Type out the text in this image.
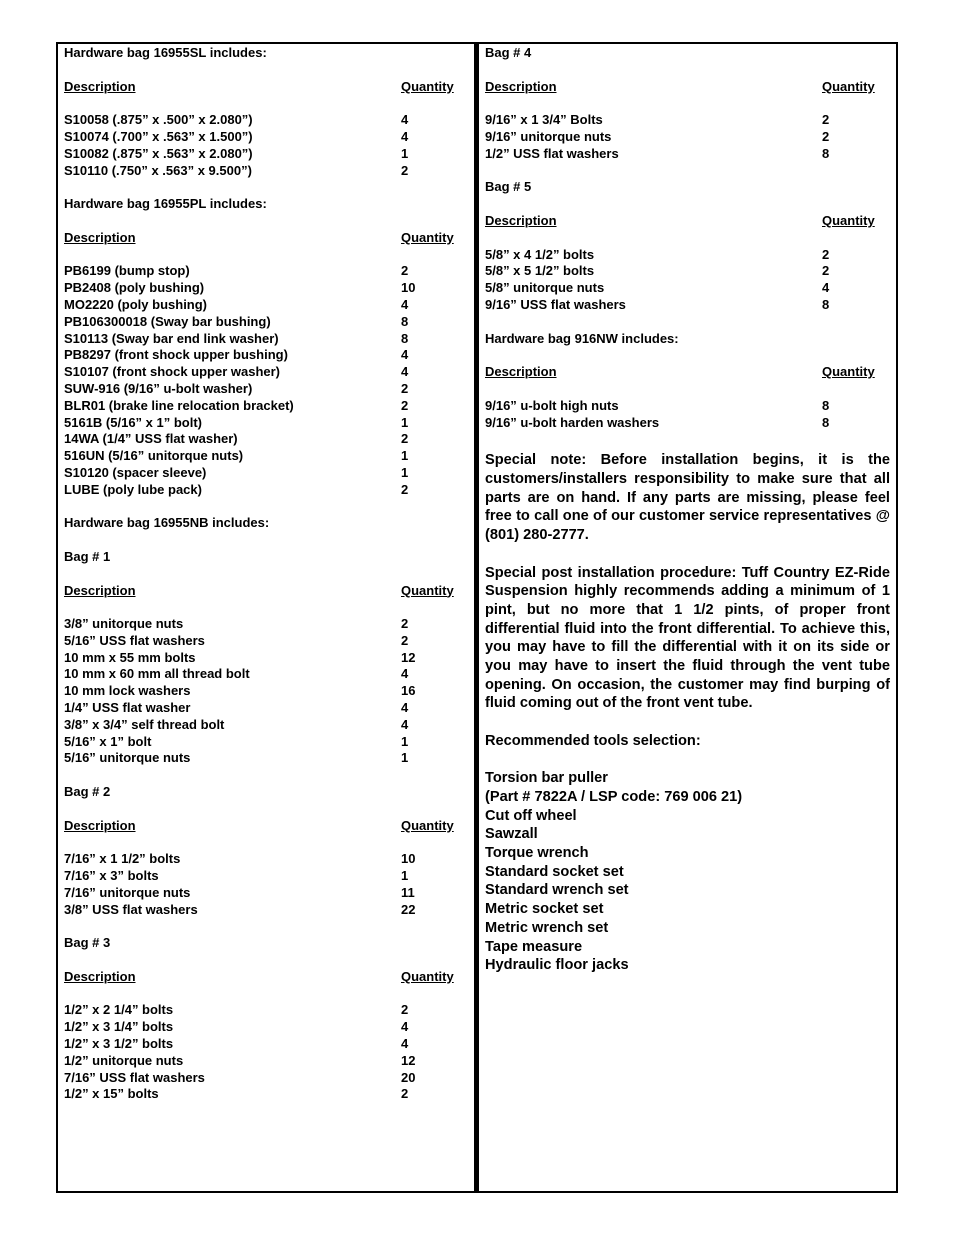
Hardware bag 16955SL includes:
Description	Quantity
S10058 (.875” x .500” x 2.080”)	4
S10074 (.700” x .563” x 1.500”)	4
S10082 (.875” x .563” x 2.080”)	1
S10110 (.750” x .563” x 9.500”)	2
Hardware bag 16955PL includes:
Description	Quantity
PB6199 (bump stop)	2
PB2408 (poly bushing)	10
MO2220 (poly bushing)	4
PB106300018 (Sway bar bushing)	8
S10113 (Sway bar end link washer)	8
PB8297 (front shock upper bushing)	4
S10107 (front shock upper washer)	4
SUW-916 (9/16” u-bolt washer)	2
BLR01 (brake line relocation bracket)	2
5161B (5/16” x 1” bolt)	1
14WA (1/4” USS flat washer)	2
516UN (5/16” unitorque nuts)	1
S10120 (spacer sleeve)	1
LUBE (poly lube pack)	2
Hardware bag 16955NB includes:
Bag # 1
Description	Quantity
3/8” unitorque nuts	2
5/16” USS flat washers	2
10 mm x 55 mm bolts	12
10 mm x 60 mm all thread bolt	4
10 mm lock washers	16
1/4” USS flat washer	4
3/8” x 3/4” self thread bolt	4
5/16” x 1” bolt	1
5/16” unitorque nuts	1
Bag # 2
Description	Quantity
7/16” x 1 1/2” bolts	10
7/16” x 3” bolts	1
7/16” unitorque nuts	11
3/8” USS flat washers	22
Bag # 3
Description	Quantity
1/2” x 2 1/4” bolts	2
1/2” x 3 1/4” bolts	4
1/2” x 3 1/2” bolts	4
1/2” unitorque nuts	12
7/16” USS flat washers	20
1/2” x 15” bolts	2
Bag # 4
Description	Quantity
9/16” x 1 3/4” Bolts	2
9/16” unitorque nuts	2
1/2” USS flat washers	8
Bag # 5
Description	Quantity
5/8” x 4 1/2” bolts	2
5/8” x 5 1/2” bolts	2
5/8” unitorque nuts	4
9/16” USS flat washers	8
Hardware bag 916NW includes:
Description	Quantity
9/16” u-bolt high nuts	8
9/16” u-bolt harden washers	8

Special note: Before installation begins, it is the customers/installers responsibility to make sure that all parts are on hand. If any parts are missing, please feel free to call one of our customer service representatives @ (801) 280-2777.

Special post installation procedure: Tuff Country EZ-Ride Suspension highly recommends adding a minimum of 1 pint, but no more that 1 1/2 pints, of proper front differential fluid into the front differential. To achieve this, you may have to fill the differential with it on its side or you may have to insert the fluid through the vent tube opening. On occasion, the customer may find burping of fluid coming out of the front vent tube.

Recommended tools selection:
Torsion bar puller
(Part # 7822A / LSP code: 769 006 21)
Cut off wheel
Sawzall
Torque wrench
Standard socket set
Standard wrench set
Metric socket set
Metric wrench set
Tape measure
Hydraulic floor jacks
